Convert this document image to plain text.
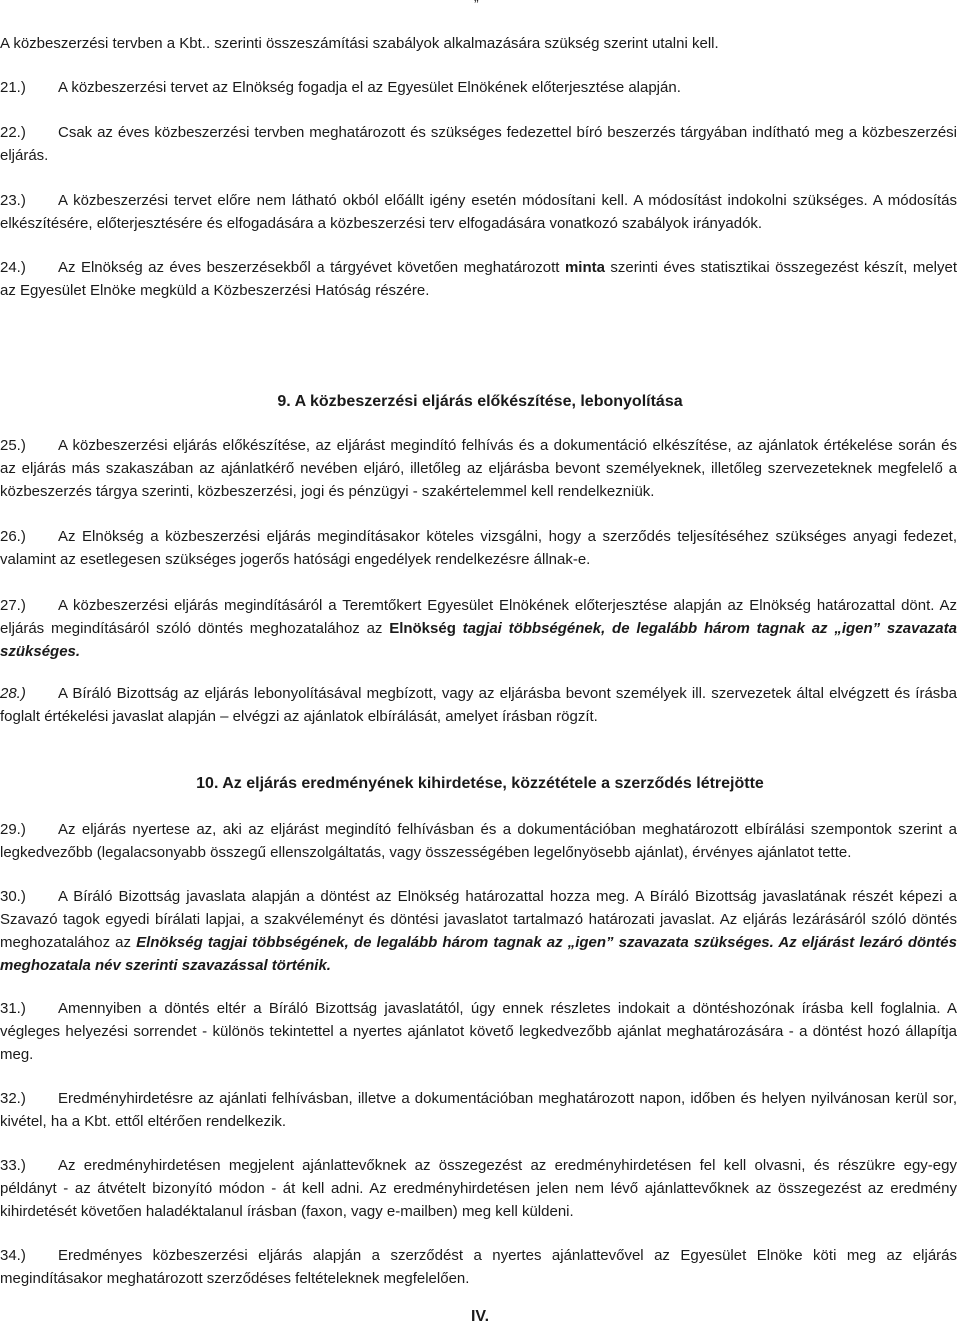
”

A közbeszerzési tervben a Kbt.. szerinti összeszámítási szabályok alkalmazására szükség szerint utalni kell.

21.) A közbeszerzési tervet az Elnökség fogadja el az Egyesület Elnökének előterjesztése alapján.

22.) Csak az éves közbeszerzési tervben meghatározott és szükséges fedezettel bíró beszerzés tárgyában indítható meg a közbeszerzési eljárás.

23.) A közbeszerzési tervet előre nem látható okból előállt igény esetén módosítani kell. A módosítást indokolni szükséges. A módosítás elkészítésére, előterjesztésére és elfogadására a közbeszerzési terv elfogadására vonatkozó szabályok irányadók.

24.) Az Elnökség az éves beszerzésekből a tárgyévet követően meghatározott minta szerinti éves statisztikai összegezést készít, melyet az Egyesület Elnöke megküld a Közbeszerzési Hatóság részére.

9. A közbeszerzési eljárás előkészítése, lebonyolítása

25.) A közbeszerzési eljárás előkészítése, az eljárást megindító felhívás és a dokumentáció elkészítése, az ajánlatok értékelése során és az eljárás más szakaszában az ajánlatkérő nevében eljáró, illetőleg az eljárásba bevont személyeknek, illetőleg szervezeteknek megfelelő a közbeszerzés tárgya szerinti, közbeszerzési, jogi és pénzügyi - szakértelemmel kell rendelkezniük.

26.) Az Elnökség a közbeszerzési eljárás megindításakor köteles vizsgálni, hogy a szerződés teljesítéséhez szükséges anyagi fedezet, valamint az esetlegesen szükséges jogerős hatósági engedélyek rendelkezésre állnak-e.

27.) A közbeszerzési eljárás megindításáról a Teremtőkert Egyesület Elnökének előterjesztése alapján az Elnökség határozattal dönt. Az eljárás megindításáról szóló döntés meghozatalához az Elnökség tagjai többségének, de legalább három tagnak az „igen” szavazata szükséges.

28.) A Bíráló Bizottság az eljárás lebonyolításával megbízott, vagy az eljárásba bevont személyek ill. szervezetek által elvégzett és írásba foglalt értékelési javaslat alapján – elvégzi az ajánlatok elbírálását, amelyet írásban rögzít.

10. Az eljárás eredményének kihirdetése, közzététele a szerződés létrejötte

29.) Az eljárás nyertese az, aki az eljárást megindító felhívásban és a dokumentációban meghatározott elbírálási szempontok szerint a legkedvezőbb (legalacsonyabb összegű ellenszolgáltatás, vagy összességében legelőnyösebb ajánlat), érvényes ajánlatot tette.

30.) A Bíráló Bizottság javaslata alapján a döntést az Elnökség határozattal hozza meg. A Bíráló Bizottság javaslatának részét képezi a Szavazó tagok egyedi bírálati lapjai, a szakvéleményt és döntési javaslatot tartalmazó határozati javaslat. Az eljárás lezárásáról szóló döntés meghozatalához az Elnökség tagjai többségének, de legalább három tagnak az „igen” szavazata szükséges. Az eljárást lezáró döntés meghozatala név szerinti szavazással történik.

31.) Amennyiben a döntés eltér a Bíráló Bizottság javaslatától, úgy ennek részletes indokait a döntéshozónak írásba kell foglalnia. A végleges helyezési sorrendet - különös tekintettel a nyertes ajánlatot követő legkedvezőbb ajánlat meghatározására - a döntést hozó állapítja meg.

32.) Eredményhirdetésre az ajánlati felhívásban, illetve a dokumentációban meghatározott napon, időben és helyen nyilvánosan kerül sor, kivétel, ha a Kbt. ettől eltérően rendelkezik.

33.) Az eredményhirdetésen megjelent ajánlattevőknek az összegezést az eredményhirdetésen fel kell olvasni, és részükre egy-egy példányt - az átvételt bizonyító módon - át kell adni. Az eredményhirdetésen jelen nem lévő ajánlattevőknek az összegezést az eredmény kihirdetését követően haladéktalanul írásban (faxon, vagy e-mailben) meg kell küldeni.

34.) Eredményes közbeszerzési eljárás alapján a szerződést a nyertes ajánlattevővel az Egyesület Elnöke köti meg az eljárás megindításakor meghatározott szerződéses feltételeknek megfelelően.

IV.
